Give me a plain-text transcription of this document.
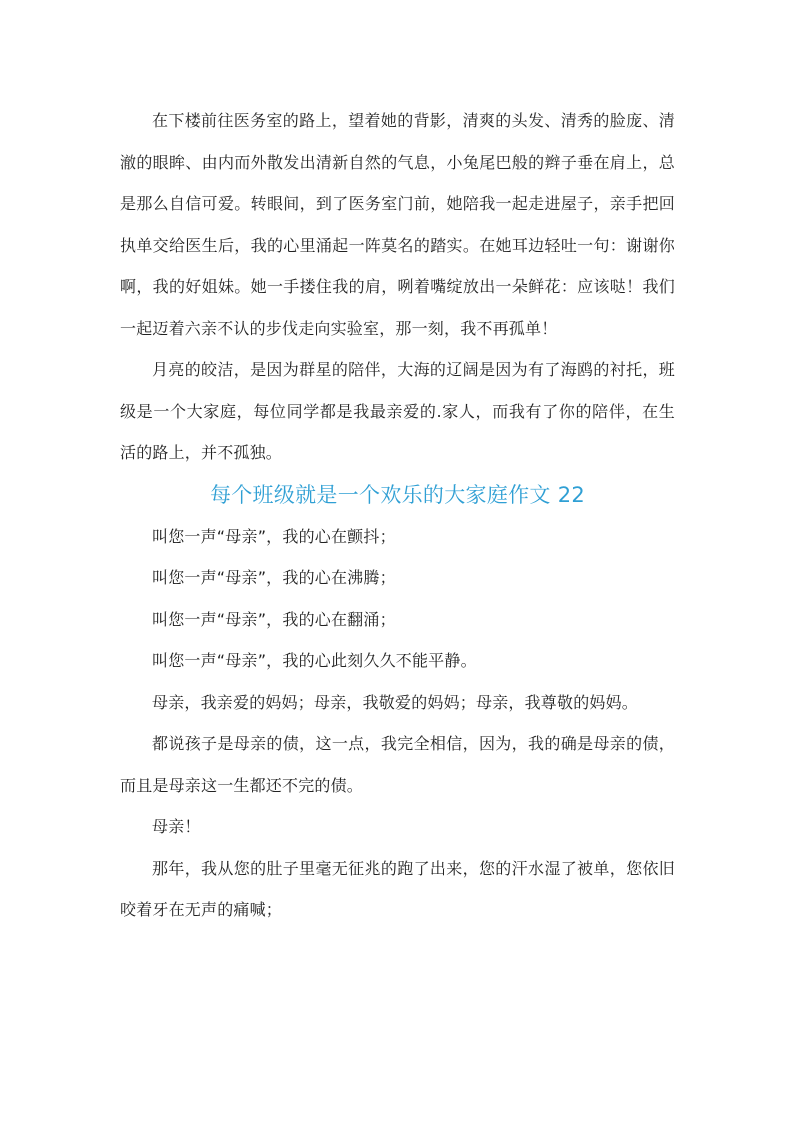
在下楼前往医务室的路上，望着她的背影，清爽的头发、清秀的脸庞、清澈的眼眸、由内而外散发出清新自然的气息，小兔尾巴般的辫子垂在肩上，总是那么自信可爱。转眼间，到了医务室门前，她陪我一起走进屋子，亲手把回执单交给医生后，我的心里涌起一阵莫名的踏实。在她耳边轻吐一句：谢谢你啊，我的好姐妹。她一手搂住我的肩，咧着嘴绽放出一朵鲜花：应该哒！我们一起迈着六亲不认的步伐走向实验室，那一刻，我不再孤单！

月亮的皎洁，是因为群星的陪伴，大海的辽阔是因为有了海鸥的衬托，班级是一个大家庭，每位同学都是我最亲爱的.家人，而我有了你的陪伴，在生活的路上，并不孤独。

每个班级就是一个欢乐的大家庭作文 22

叫您一声“母亲”，我的心在颤抖；

叫您一声“母亲”，我的心在沸腾；

叫您一声“母亲”，我的心在翻涌；

叫您一声“母亲”，我的心此刻久久不能平静。

母亲，我亲爱的妈妈；母亲，我敬爱的妈妈；母亲，我尊敬的妈妈。

都说孩子是母亲的债，这一点，我完全相信，因为，我的确是母亲的债，而且是母亲这一生都还不完的债。

母亲！

那年，我从您的肚子里毫无征兆的跑了出来，您的汗水湿了被单，您依旧咬着牙在无声的痛喊；
